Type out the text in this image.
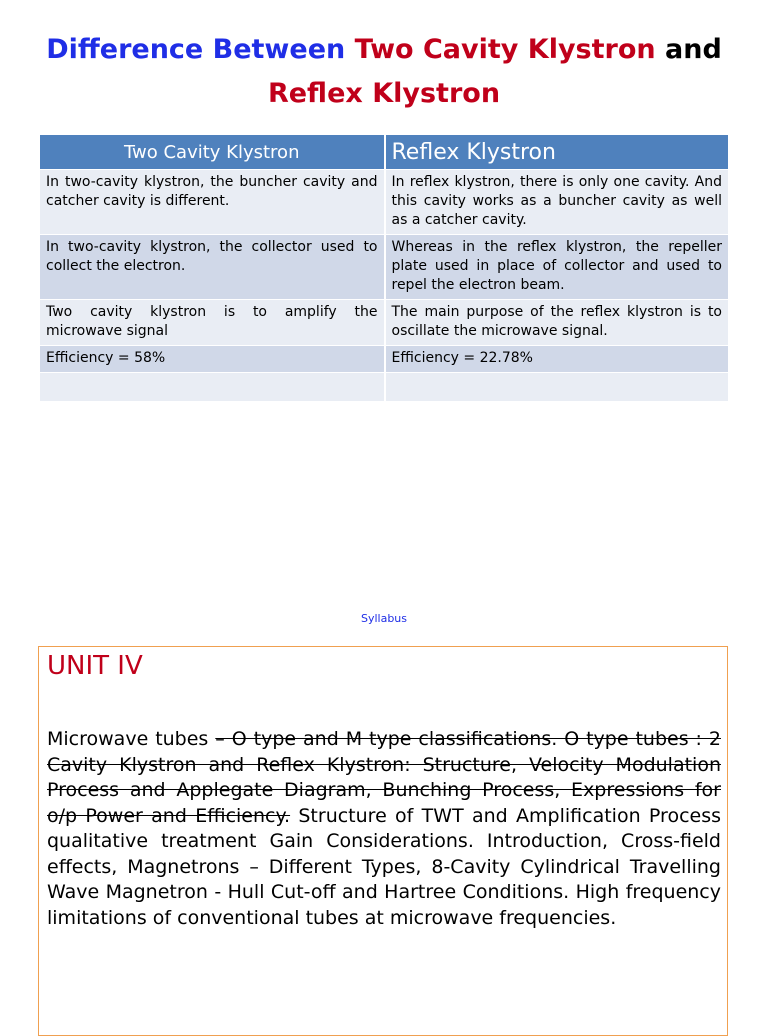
Difference Between Two Cavity Klystron and
Reflex Klystron
Two Cavity Klystron	Reflex Klystron
In two-cavity klystron, the buncher cavity and catcher cavity is different.	In reflex klystron, there is only one cavity. And this cavity works as a buncher cavity as well as a catcher cavity.
In two-cavity klystron, the collector used to collect the electron.	Whereas in the reflex klystron, the repeller plate used in place of collector and used to repel the electron beam.
Two cavity klystron is to amplify the microwave signal	The main purpose of the reflex klystron is to oscillate the microwave signal.
Efficiency = 58%	Efficiency = 22.78%

Syllabus
UNIT IV
Microwave tubes – O type and M type classifications. O type tubes : 2 Cavity Klystron and Reflex Klystron: Structure, Velocity Modulation Process and Applegate Diagram, Bunching Process, Expressions for o/p Power and Efficiency. Structure of TWT and Amplification Process qualitative treatment Gain Considerations. Introduction, Cross-field effects, Magnetrons – Different Types, 8-Cavity Cylindrical Travelling Wave Magnetron - Hull Cut-off and Hartree Conditions. High frequency limitations of conventional tubes at microwave frequencies.
